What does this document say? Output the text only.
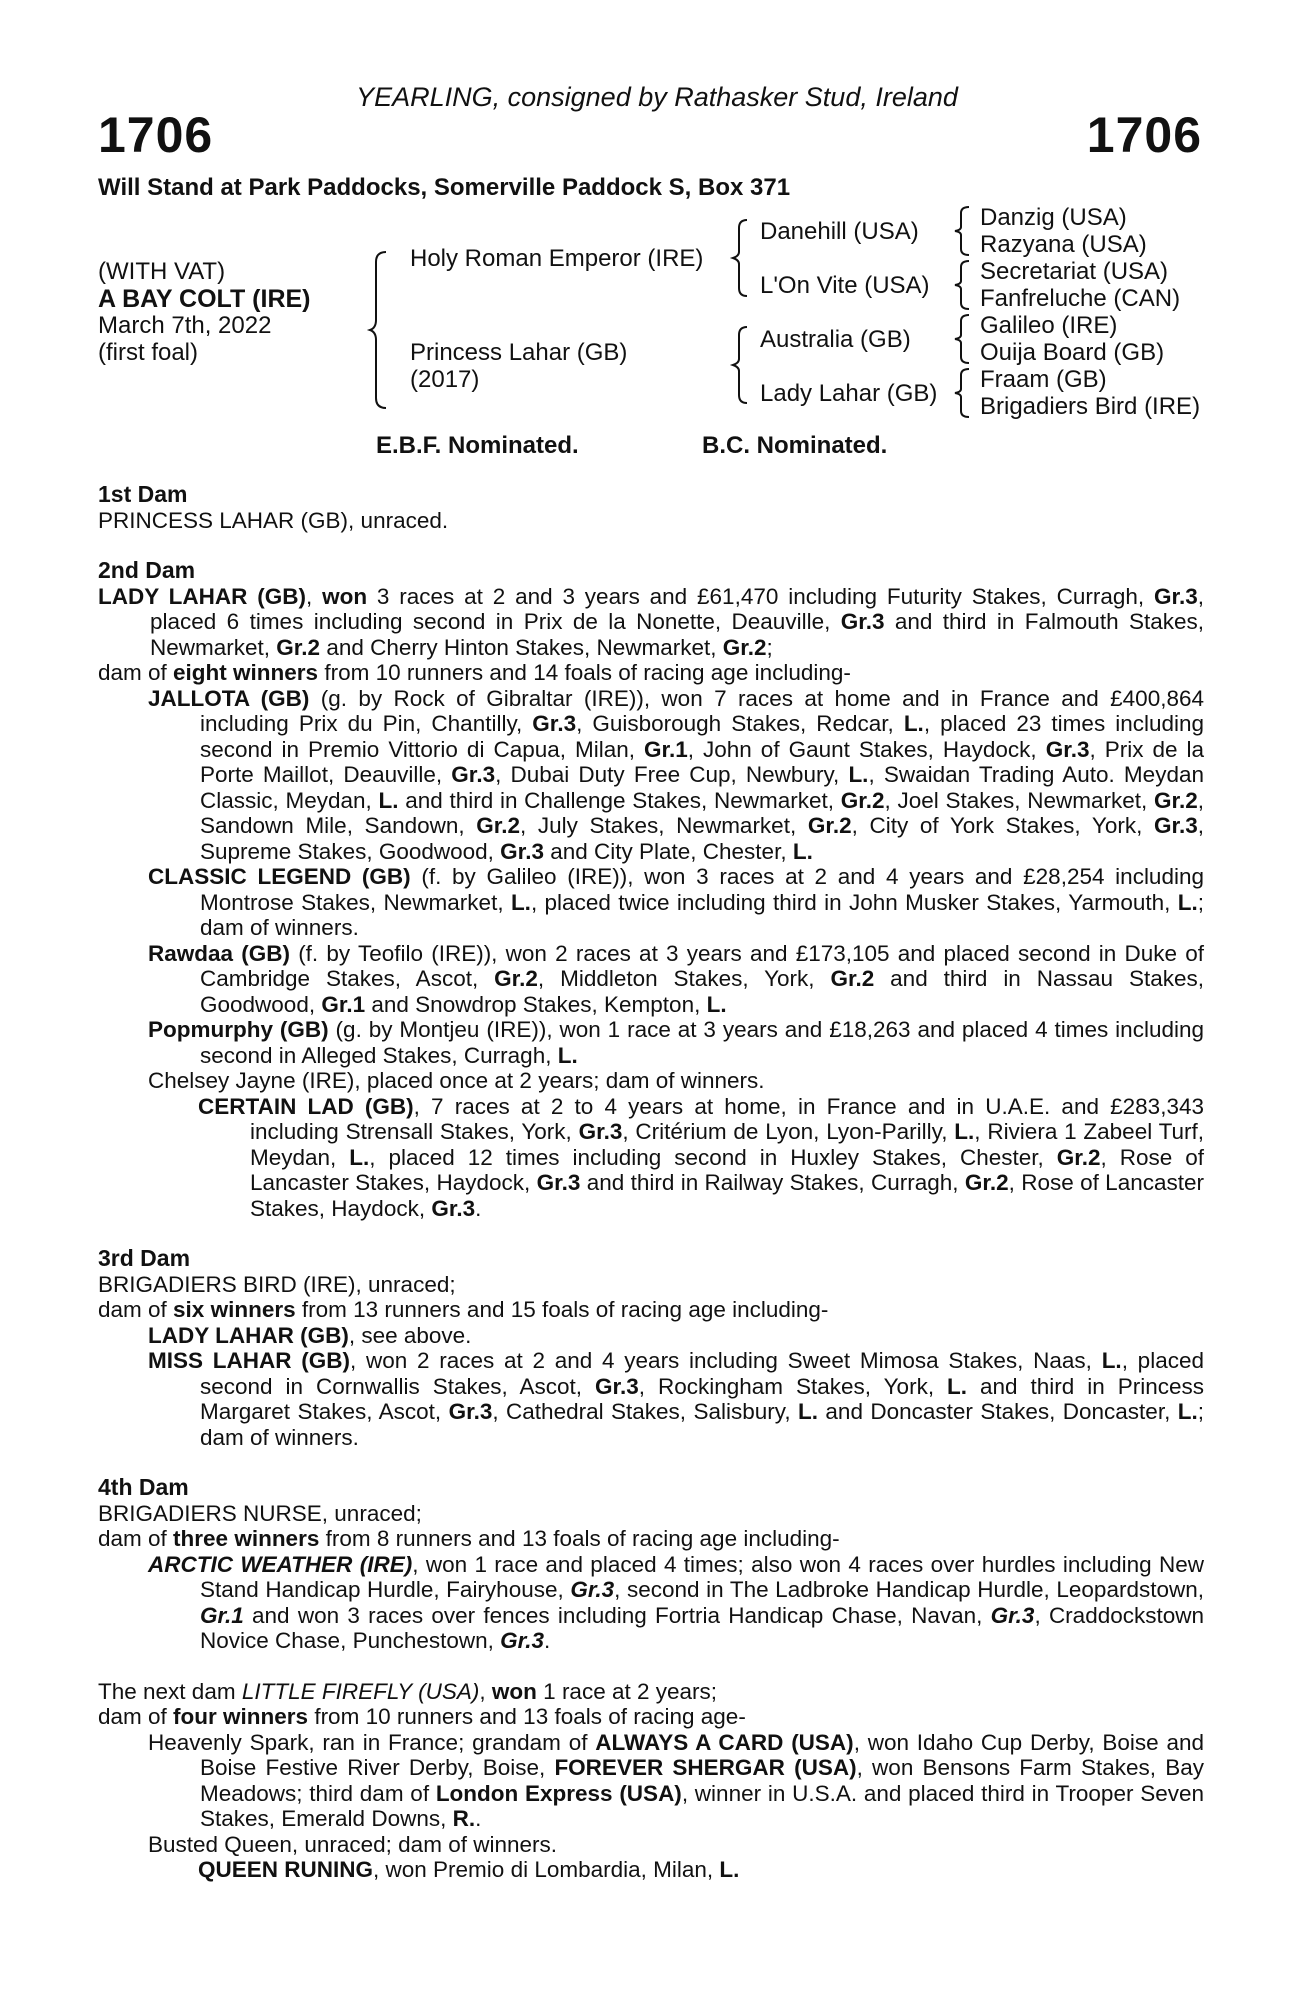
YEARLING, consigned by Rathasker Stud, Ireland
1706	1706
Will Stand at Park Paddocks, Somerville Paddock S, Box 371
(WITH VAT)
A BAY COLT (IRE)
March 7th, 2022
(first foal)
Holy Roman Emperor (IRE)
Princess Lahar (GB)
(2017)
Danehill (USA)
L'On Vite (USA)
Australia (GB)
Lady Lahar (GB)
Danzig (USA)
Razyana (USA)
Secretariat (USA)
Fanfreluche (CAN)
Galileo (IRE)
Ouija Board (GB)
Fraam (GB)
Brigadiers Bird (IRE)
E.B.F. Nominated.	B.C. Nominated.

1st Dam

PRINCESS LAHAR (GB), unraced.

2nd Dam

LADY LAHAR (GB), won 3 races at 2 and 3 years and £61,470 including Futurity Stakes, Curragh, Gr.3, placed 6 times including second in Prix de la Nonette, Deauville, Gr.3 and third in Falmouth Stakes, Newmarket, Gr.2 and Cherry Hinton Stakes, Newmarket, Gr.2;

dam of eight winners from 10 runners and 14 foals of racing age including-

JALLOTA (GB) (g. by Rock of Gibraltar (IRE)), won 7 races at home and in France and £400,864 including Prix du Pin, Chantilly, Gr.3, Guisborough Stakes, Redcar, L., placed 23 times including second in Premio Vittorio di Capua, Milan, Gr.1, John of Gaunt Stakes, Haydock, Gr.3, Prix de la Porte Maillot, Deauville, Gr.3, Dubai Duty Free Cup, Newbury, L., Swaidan Trading Auto. Meydan Classic, Meydan, L. and third in Challenge Stakes, Newmarket, Gr.2, Joel Stakes, Newmarket, Gr.2, Sandown Mile, Sandown, Gr.2, July Stakes, Newmarket, Gr.2, City of York Stakes, York, Gr.3, Supreme Stakes, Goodwood, Gr.3 and City Plate, Chester, L.

CLASSIC LEGEND (GB) (f. by Galileo (IRE)), won 3 races at 2 and 4 years and £28,254 including Montrose Stakes, Newmarket, L., placed twice including third in John Musker Stakes, Yarmouth, L.; dam of winners.

Rawdaa (GB) (f. by Teofilo (IRE)), won 2 races at 3 years and £173,105 and placed second in Duke of Cambridge Stakes, Ascot, Gr.2, Middleton Stakes, York, Gr.2 and third in Nassau Stakes, Goodwood, Gr.1 and Snowdrop Stakes, Kempton, L.

Popmurphy (GB) (g. by Montjeu (IRE)), won 1 race at 3 years and £18,263 and placed 4 times including second in Alleged Stakes, Curragh, L.

Chelsey Jayne (IRE), placed once at 2 years; dam of winners.

CERTAIN LAD (GB), 7 races at 2 to 4 years at home, in France and in U.A.E. and £283,343 including Strensall Stakes, York, Gr.3, Critérium de Lyon, Lyon-Parilly, L., Riviera 1 Zabeel Turf, Meydan, L., placed 12 times including second in Huxley Stakes, Chester, Gr.2, Rose of Lancaster Stakes, Haydock, Gr.3 and third in Railway Stakes, Curragh, Gr.2, Rose of Lancaster Stakes, Haydock, Gr.3.

3rd Dam

BRIGADIERS BIRD (IRE), unraced;

dam of six winners from 13 runners and 15 foals of racing age including-

LADY LAHAR (GB), see above.

MISS LAHAR (GB), won 2 races at 2 and 4 years including Sweet Mimosa Stakes, Naas, L., placed second in Cornwallis Stakes, Ascot, Gr.3, Rockingham Stakes, York, L. and third in Princess Margaret Stakes, Ascot, Gr.3, Cathedral Stakes, Salisbury, L. and Doncaster Stakes, Doncaster, L.; dam of winners.

4th Dam

BRIGADIERS NURSE, unraced;

dam of three winners from 8 runners and 13 foals of racing age including-

ARCTIC WEATHER (IRE), won 1 race and placed 4 times; also won 4 races over hurdles including New Stand Handicap Hurdle, Fairyhouse, Gr.3, second in The Ladbroke Handicap Hurdle, Leopardstown, Gr.1 and won 3 races over fences including Fortria Handicap Chase, Navan, Gr.3, Craddockstown Novice Chase, Punchestown, Gr.3.

The next dam LITTLE FIREFLY (USA), won 1 race at 2 years;

dam of four winners from 10 runners and 13 foals of racing age-

Heavenly Spark, ran in France; grandam of ALWAYS A CARD (USA), won Idaho Cup Derby, Boise and Boise Festive River Derby, Boise, FOREVER SHERGAR (USA), won Bensons Farm Stakes, Bay Meadows; third dam of London Express (USA), winner in U.S.A. and placed third in Trooper Seven Stakes, Emerald Downs, R..

Busted Queen, unraced; dam of winners.

QUEEN RUNING, won Premio di Lombardia, Milan, L.
